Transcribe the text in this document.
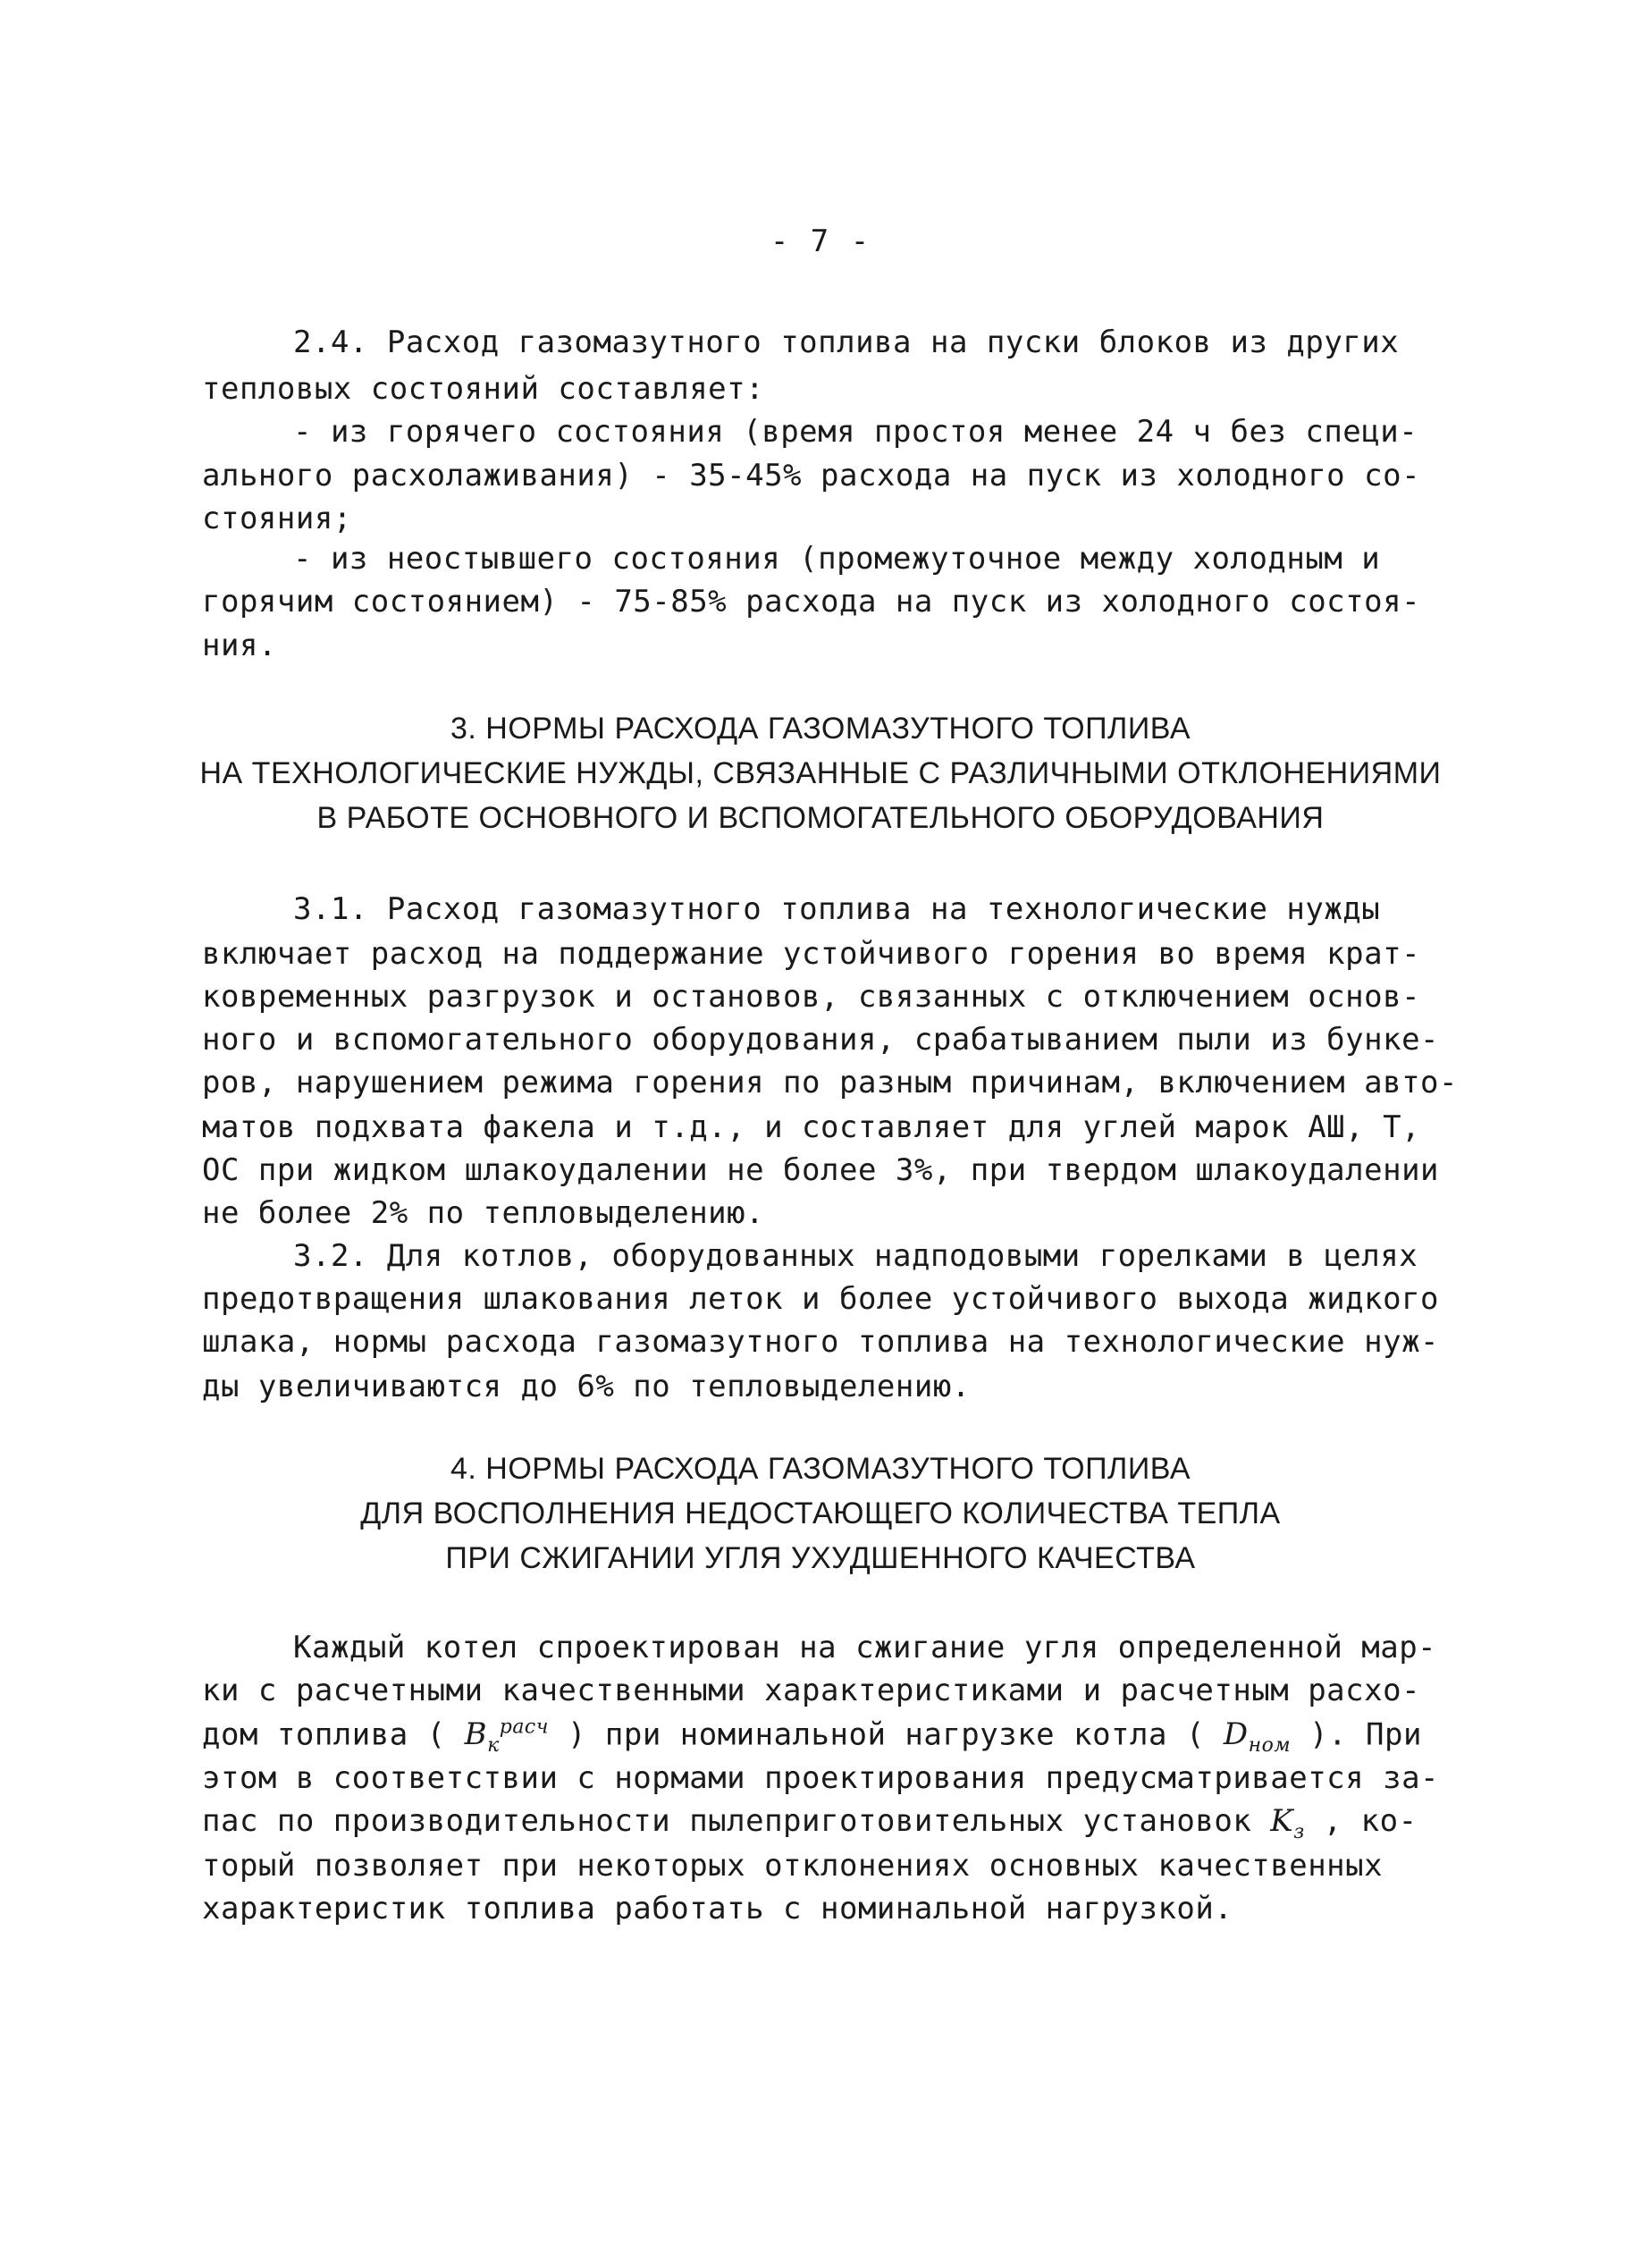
- 7 -
2.4. Расход газомазутного топлива на пуски блоков из других
тепловых состояний составляет:
- из горячего состояния (время простоя менее 24 ч без специ-
ального расхолаживания) - 35-45% расхода на пуск из холодного со-
стояния;
- из неостывшего состояния (промежуточное между холодным и
горячим состоянием) - 75-85% расхода на пуск из холодного состоя-
ния.
3. НОРМЫ РАСХОДА ГАЗОМАЗУТНОГО ТОПЛИВА
НА ТЕХНОЛОГИЧЕСКИЕ НУЖДЫ, СВЯЗАННЫЕ С РАЗЛИЧНЫМИ ОТКЛОНЕНИЯМИ
В РАБОТЕ ОСНОВНОГО И ВСПОМОГАТЕЛЬНОГО ОБОРУДОВАНИЯ
3.1. Расход газомазутного топлива на технологические нужды
включает расход на поддержание устойчивого горения во время крат-
ковременных разгрузок и остановов, связанных с отключением основ-
ного и вспомогательного оборудования, срабатыванием пыли из бунке-
ров, нарушением режима горения по разным причинам, включением авто-
матов подхвата факела и т.д., и составляет для углей марок АШ, Т,
ОС при жидком шлакоудалении не более 3%, при твердом шлакоудалении
не более 2% по тепловыделению.
3.2. Для котлов, оборудованных надподовыми горелками в целях
предотвращения шлакования леток и более устойчивого выхода жидкого
шлака, нормы расхода газомазутного топлива на технологические нуж-
ды увеличиваются до 6% по тепловыделению.
4. НОРМЫ РАСХОДА ГАЗОМАЗУТНОГО ТОПЛИВА
ДЛЯ ВОСПОЛНЕНИЯ НЕДОСТАЮЩЕГО КОЛИЧЕСТВА ТЕПЛА
ПРИ СЖИГАНИИ УГЛЯ УХУДШЕННОГО КАЧЕСТВА
Каждый котел спроектирован на сжигание угля определенной мар-
ки с расчетными качественными характеристиками и расчетным расхо-
дом топлива ( $B_к^{расч}$ ) при номинальной нагрузке котла ( $D_{ном}$ ). При
этом в соответствии с нормами проектирования предусматривается за-
пас по производительности пылеприготовительных установок $K_з$ , ко-
торый позволяет при некоторых отклонениях основных качественных
характеристик топлива работать с номинальной нагрузкой.
